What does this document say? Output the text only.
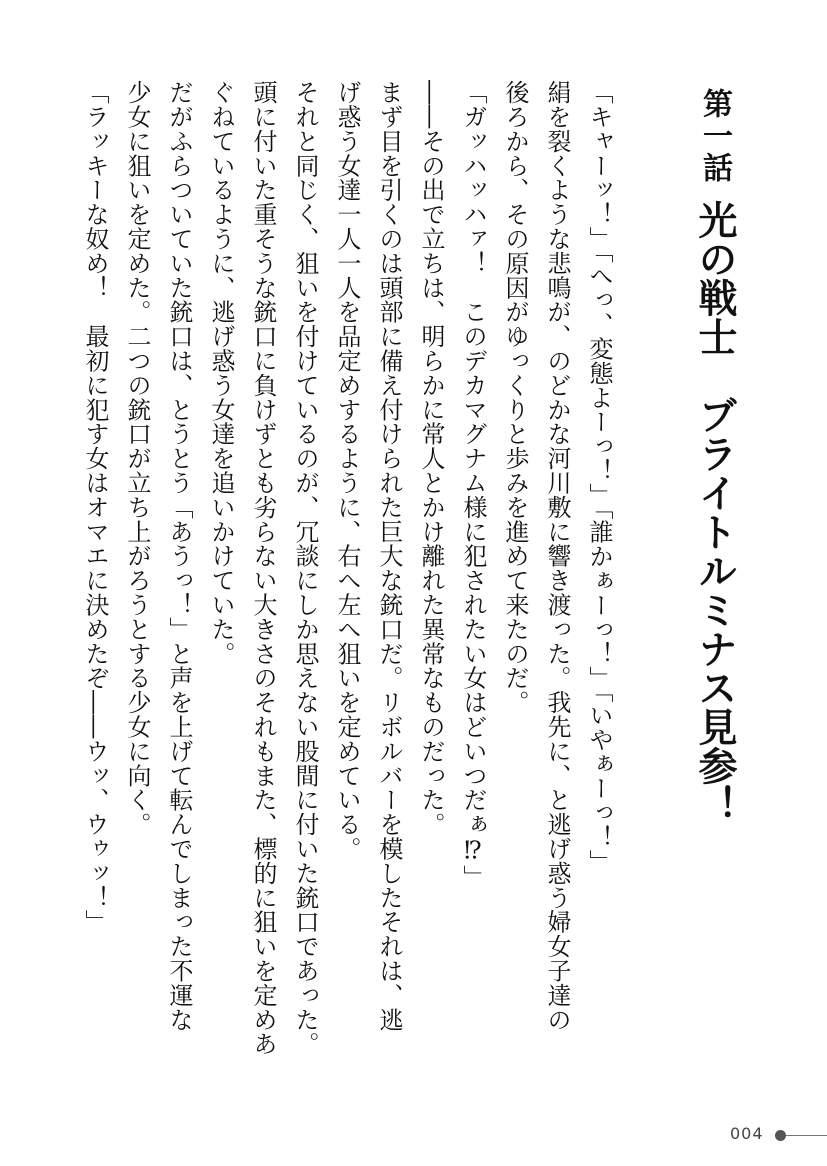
第一話
光の戦士　ブライトルミナス見参！
「キャーッ！」「へっ、変態よーっ！」「誰かぁーっ！」「いやぁーっ！」
絹を裂くような悲鳴が、のどかな河川敷に響き渡った。我先に、と逃げ惑う婦女子達の
後ろから、その原因がゆっくりと歩みを進めて来たのだ。
「ガッハッハァ！　このデカマグナム様に犯されたい女はどいつだぁ⁉」
――その出で立ちは、明らかに常人とかけ離れた異常なものだった。
まず目を引くのは頭部に備え付けられた巨大な銃口だ。リボルバーを模したそれは、逃
げ惑う女達一人一人を品定めするように、右へ左へ狙いを定めている。
それと同じく、狙いを付けているのが、冗談にしか思えない股間に付いた銃口であった。
頭に付いた重そうな銃口に負けずとも劣らない大きさのそれもまた、標的に狙いを定めあ
ぐねているように、逃げ惑う女達を追いかけていた。
だがふらついていた銃口は、とうとう「あうっ！」と声を上げて転んでしまった不運な
少女に狙いを定めた。二つの銃口が立ち上がろうとする少女に向く。
「ラッキーな奴め！　最初に犯す女はオマエに決めたぞ――ウッ、ウゥッ！」
004
